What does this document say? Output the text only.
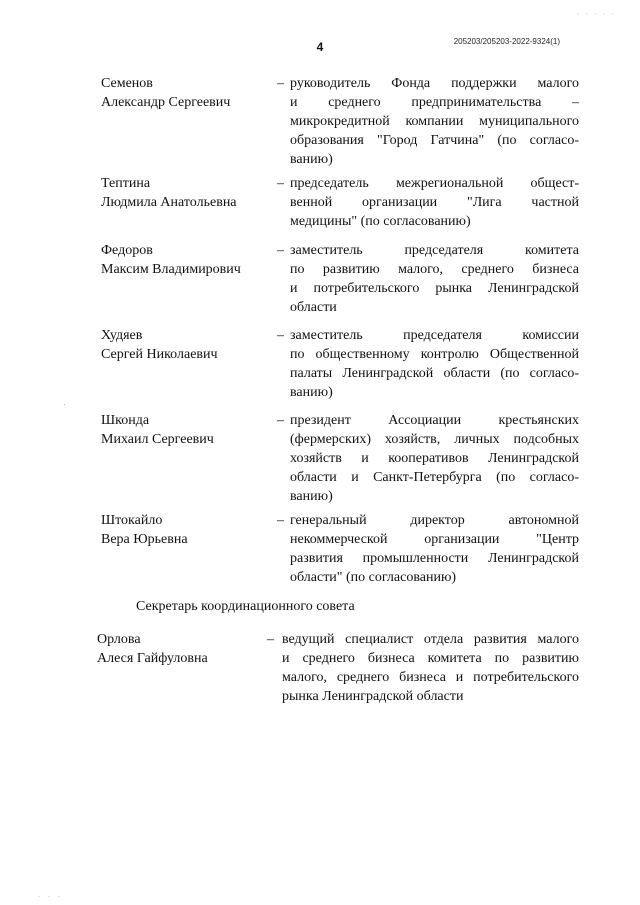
· · · · ·
4	205203/205203-2022-9324(1)
Семенов
Александр Сергеевич
– руководитель Фонда поддержки малого
и среднего предпринимательства –
микрокредитной компании муниципального
образования "Город Гатчина" (по согласо-
ванию)
Тептина
Людмила Анатольевна
– председатель межрегиональной общест-
венной организации "Лига частной
медицины" (по согласованию)
Федоров
Максим Владимирович
– заместитель председателя комитета
по развитию малого, среднего бизнеса
и потребительского рынка Ленинградской
области
Худяев
Сергей Николаевич
– заместитель председателя комиссии
по общественному контролю Общественной
палаты Ленинградской области (по согласо-
ванию)
Шконда
Михаил Сергеевич
– президент Ассоциации крестьянских
(фермерских) хозяйств, личных подсобных
хозяйств и кооперативов Ленинградской
области и Санкт-Петербурга (по согласо-
ванию)
Штокайло
Вера Юрьевна
– генеральный директор автономной
некоммерческой организации "Центр
развития промышленности Ленинградской
области" (по согласованию)
Секретарь координационного совета
Орлова
Алеся Гайфуловна
– ведущий специалист отдела развития малого
и среднего бизнеса комитета по развитию
малого, среднего бизнеса и потребительского
рынка Ленинградской области
. . .
